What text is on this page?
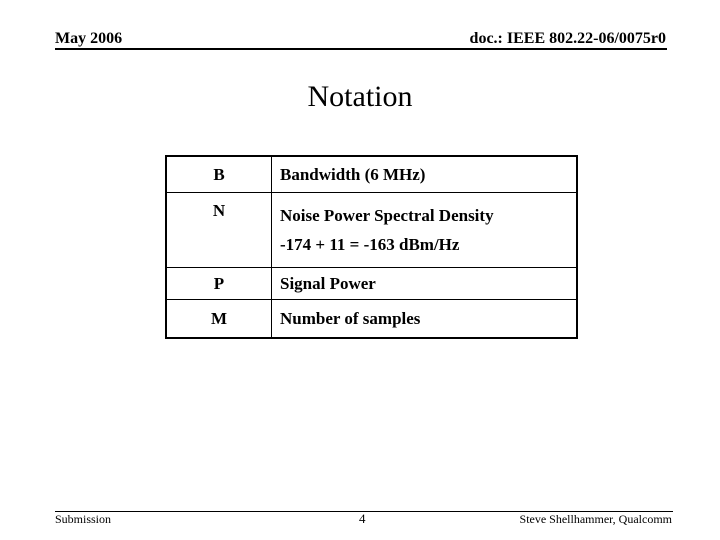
May 2006	doc.: IEEE 802.22-06/0075r0
Notation
B	Bandwidth (6 MHz)

N	Noise Power Spectral Density
-174 + 11 = -163 dBm/Hz

P	Signal Power

M	Number of samples
Submission	4	Steve Shellhammer, Qualcomm
